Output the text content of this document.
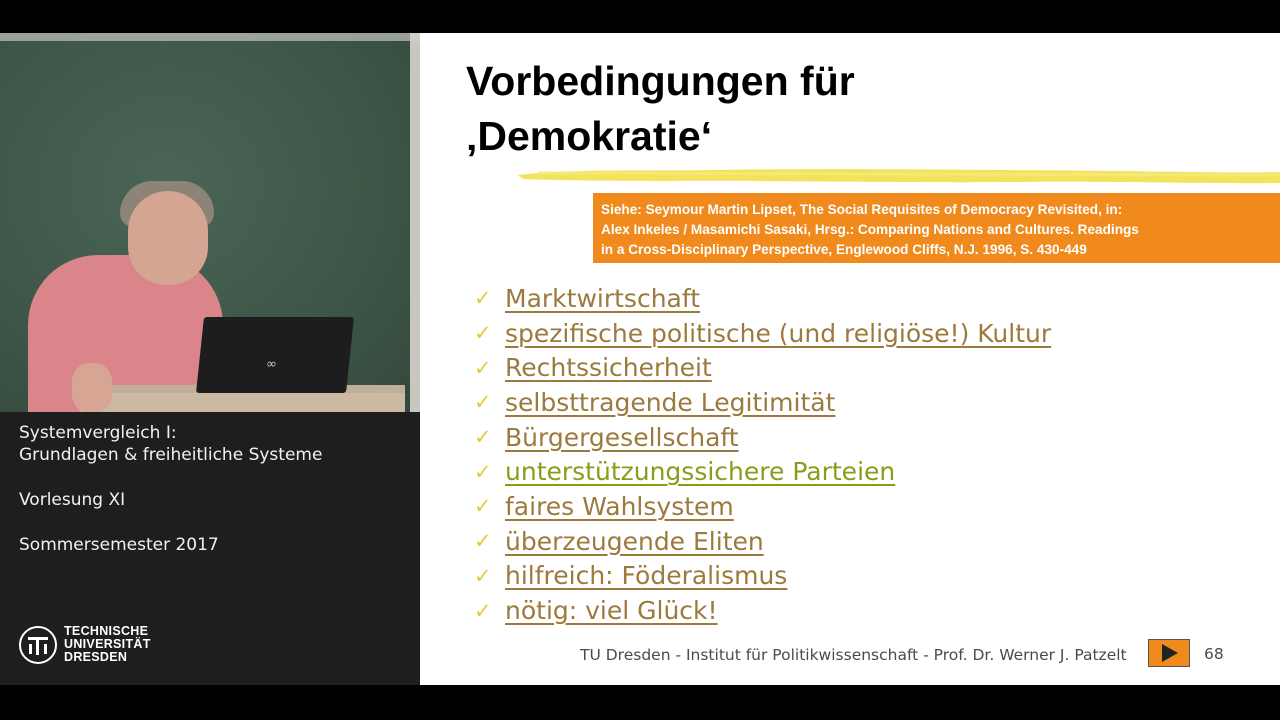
∞
Systemvergleich I:
Grundlagen & freiheitliche Systeme
Vorlesung XI
Sommersemester 2017
TECHNISCHE
UNIVERSITÄT
DRESDEN
Vorbedingungen für
‚Demokratie‘
Siehe: Seymour Martin Lipset, The Social Requisites of Democracy Revisited, in:
Alex Inkeles / Masamichi Sasaki, Hrsg.: Comparing Nations and Cultures. Readings
in a Cross-Disciplinary Perspective, Englewood Cliffs, N.J. 1996, S. 430-449
✓ Marktwirtschaft
✓ spezifische politische (und religiöse!) Kultur
✓ Rechtssicherheit
✓ selbsttragende Legitimität
✓ Bürgergesellschaft
✓ unterstützungssichere Parteien
✓ faires Wahlsystem
✓ überzeugende Eliten
✓ hilfreich: Föderalismus
✓ nötig: viel Glück!
TU Dresden - Institut für Politikwissenschaft - Prof. Dr. Werner J. Patzelt	68
